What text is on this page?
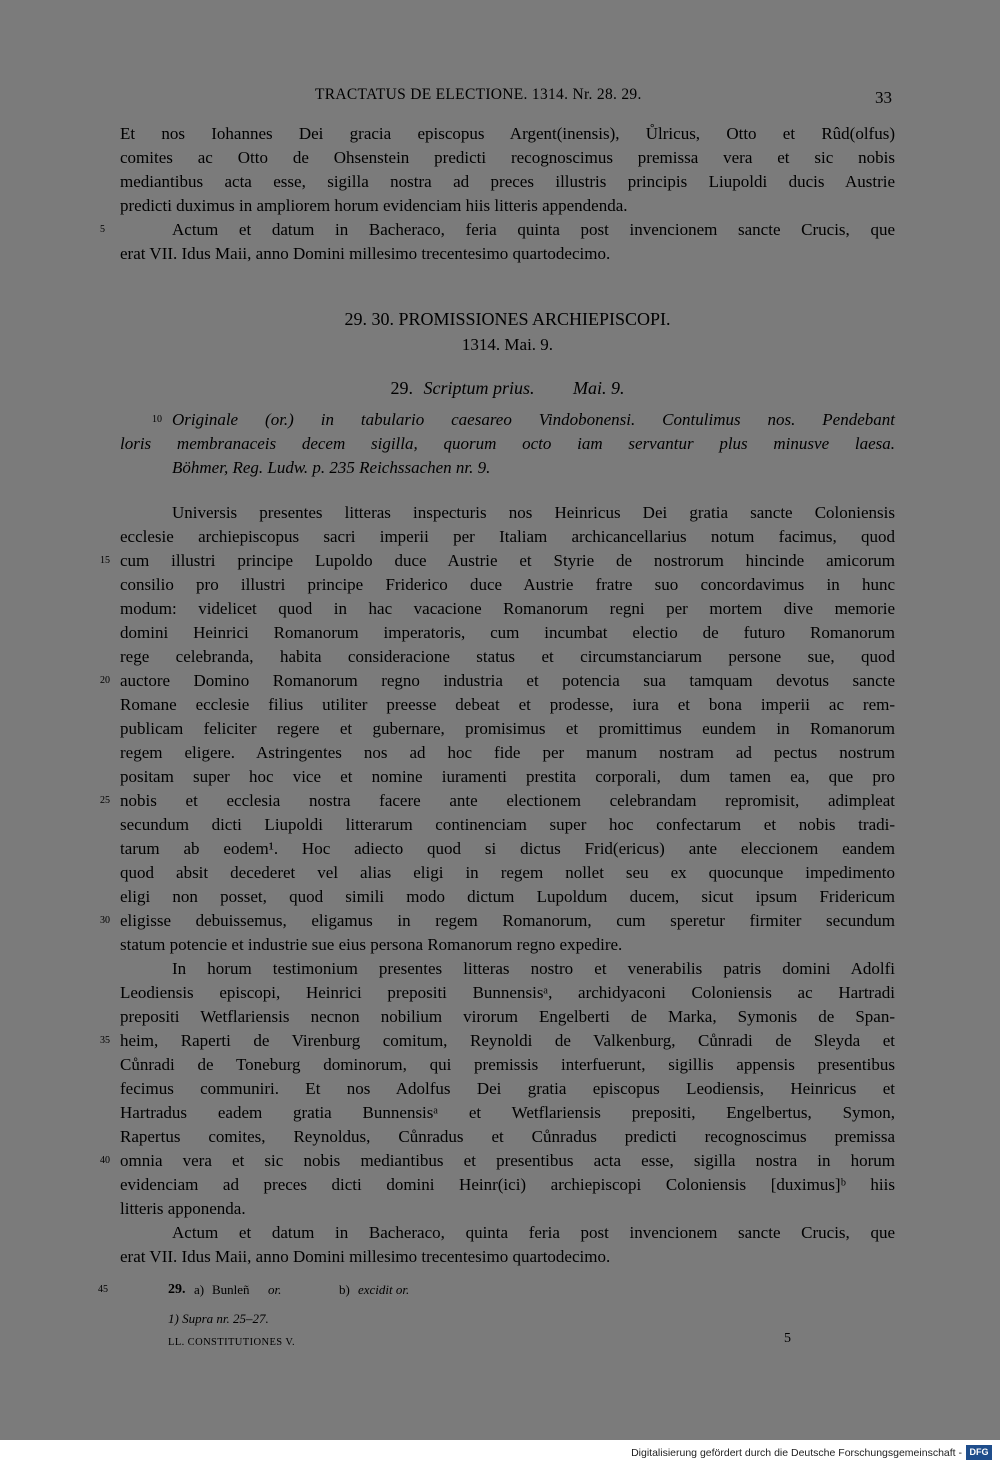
TRACTATUS DE ELECTIONE. 1314. Nr. 28. 29.	33
Et nos Iohannes Dei gracia episcopus Argent(inensis), Ůlricus, Otto et Rûd(olfus)
comites ac Otto de Ohsenstein predicti recognoscimus premissa vera et sic nobis
mediantibus acta esse, sigilla nostra ad preces illustris principis Liupoldi ducis Austrie
predicti duximus in ampliorem horum evidenciam hiis litteris appendenda.
5	Actum et datum in Bacheraco, feria quinta post invencionem sancte Crucis, que
erat VII. Idus Maii, anno Domini millesimo trecentesimo quartodecimo.
29. 30. PROMISSIONES ARCHIEPISCOPI.
1314. Mai. 9.
29. Scriptum prius. Mai. 9.
10 Originale (or.) in tabulario caesareo Vindobonensi. Contulimus nos. Pendebant
loris membranaceis decem sigilla, quorum octo iam servantur plus minusve laesa.
Böhmer, Reg. Ludw. p. 235 Reichssachen nr. 9.
Universis presentes litteras inspecturis nos Heinricus Dei gratia sancte Coloniensis
ecclesie archiepiscopus sacri imperii per Italiam archicancellarius notum facimus, quod
15 cum illustri principe Lupoldo duce Austrie et Styrie de nostrorum hincinde amicorum
consilio pro illustri principe Friderico duce Austrie fratre suo concordavimus in hunc
modum: videlicet quod in hac vacacione Romanorum regni per mortem dive memorie
domini Heinrici Romanorum imperatoris, cum incumbat electio de futuro Romanorum
rege celebranda, habita consideracione status et circumstanciarum persone sue, quod
20 auctore Domino Romanorum regno industria et potencia sua tamquam devotus sancte
Romane ecclesie filius utiliter preesse debeat et prodesse, iura et bona imperii ac rem-
publicam feliciter regere et gubernare, promisimus et promittimus eundem in Romanorum
regem eligere. Astringentes nos ad hoc fide per manum nostram ad pectus nostrum
positam super hoc vice et nomine iuramenti prestita corporali, dum tamen ea, que pro
25 nobis et ecclesia nostra facere ante electionem celebrandam repromisit, adimpleat
secundum dicti Liupoldi litterarum continenciam super hoc confectarum et nobis tradi-
tarum ab eodem¹. Hoc adiecto quod si dictus Frid(ericus) ante eleccionem eandem
quod absit decederet vel alias eligi in regem nollet seu ex quocunque impedimento
eligi non posset, quod simili modo dictum Lupoldum ducem, sicut ipsum Fridericum
30 eligisse debuissemus, eligamus in regem Romanorum, cum speretur firmiter secundum
statum potencie et industrie sue eius persona Romanorum regno expedire.
In horum testimonium presentes litteras nostro et venerabilis patris domini Adolfi
Leodiensis episcopi, Heinrici prepositi Bunnensisᵃ, archidyaconi Coloniensis ac Hartradi
prepositi Wetflariensis necnon nobilium virorum Engelberti de Marka, Symonis de Span-
35 heim, Raperti de Virenburg comitum, Reynoldi de Valkenburg, Cůnradi de Sleyda et
Cůnradi de Toneburg dominorum, qui premissis interfuerunt, sigillis appensis presentibus
fecimus communiri. Et nos Adolfus Dei gratia episcopus Leodiensis, Heinricus et
Hartradus eadem gratia Bunnensisᵃ et Wetflariensis prepositi, Engelbertus, Symon,
Rapertus comites, Reynoldus, Cůnradus et Cůnradus predicti recognoscimus premissa
40 omnia vera et sic nobis mediantibus et presentibus acta esse, sigilla nostra in horum
evidenciam ad preces dicti domini Heinr(ici) archiepiscopi Coloniensis [duximus]ᵇ hiis
litteris apponenda.
Actum et datum in Bacheraco, quinta feria post invencionem sancte Crucis, que
erat VII. Idus Maii, anno Domini millesimo trecentesimo quartodecimo.
45	29. a) Bunleñ or.	b) excidit or.
1) Supra nr. 25–27.
LL. CONSTITUTIONES V.	5
Digitalisierung gefördert durch die Deutsche Forschungsgemeinschaft - DFG
